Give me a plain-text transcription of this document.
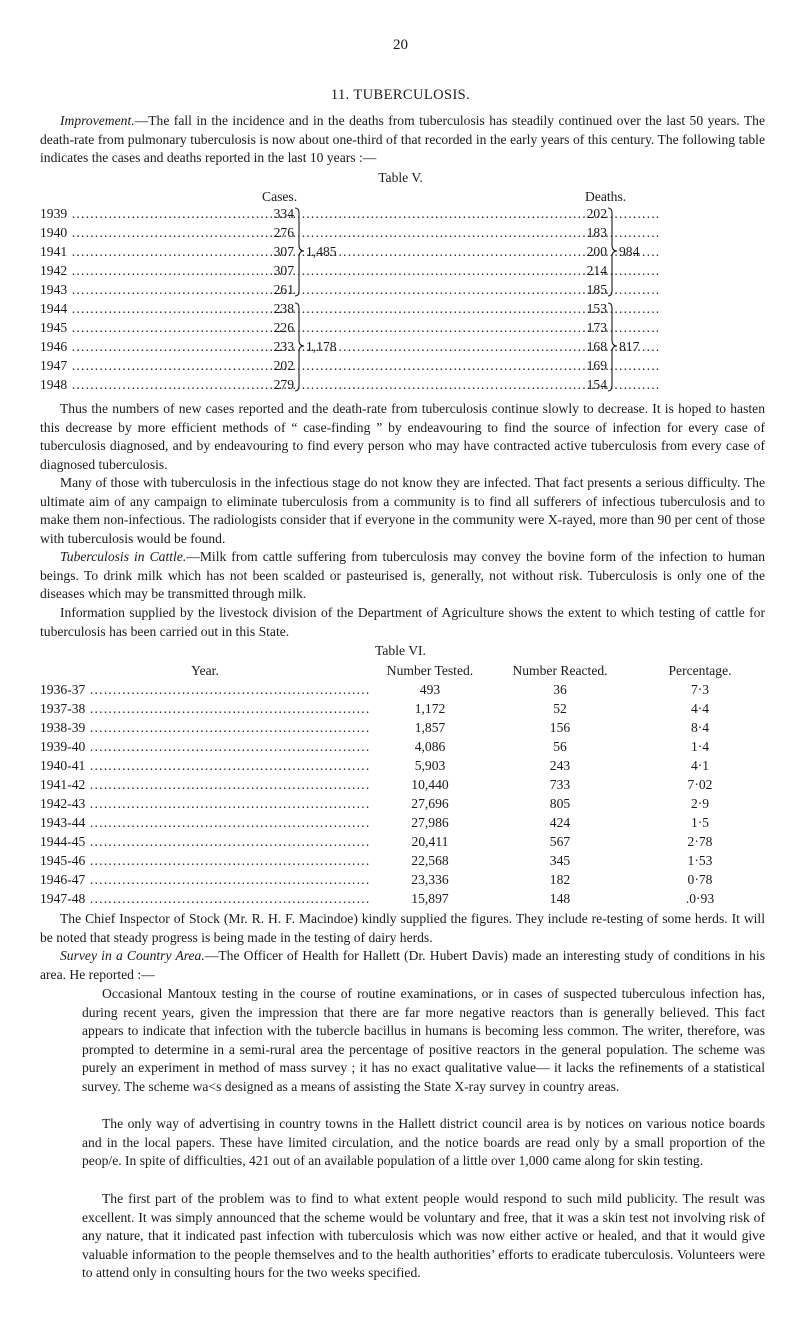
20
11. TUBERCULOSIS.

Improvement.—The fall in the incidence and in the deaths from tuberculosis has steadily continued over the last 50 years. The death-rate from pulmonary tuberculosis is now about one-third of that recorded in the early years of this century. The following table indicates the cases and deaths reported in the last 10 years :—

Table V.
Cases.	Deaths.
1939 .....	334	202
1940 .....	276	183
1941 .....	307	200
1942 .....	307	214
1943 .....	261	185
1,485	984
1944 .....	238	153
1945 .....	226	173
1946 .....	233	168
1947 .....	202	169
1948 .....	279	154
1,178	817

Thus the numbers of new cases reported and the death-rate from tuberculosis continue slowly to decrease. It is hoped to hasten this decrease by more efficient methods of “ case-finding ” by endeavouring to find the source of infection for every case of tuberculosis diagnosed, and by endeavouring to find every person who may have contracted active tuberculosis from every case of diagnosed tuberculosis.

Many of those with tuberculosis in the infectious stage do not know they are infected. That fact presents a serious difficulty. The ultimate aim of any campaign to eliminate tuberculosis from a community is to find all sufferers of infectious tuberculosis and to make them non-infectious. The radiologists consider that if everyone in the community were X-rayed, more than 90 per cent of those with tuberculosis would be found.

Tuberculosis in Cattle.—Milk from cattle suffering from tuberculosis may convey the bovine form of the infection to human beings. To drink milk which has not been scalded or pasteurised is, generally, not without risk. Tuberculosis is only one of the diseases which may be transmitted through milk.

Information supplied by the livestock division of the Department of Agriculture shows the extent to which testing of cattle for tuberculosis has been carried out in this State.

Table VI.
Year.	Number Tested.	Number Reacted.	Percentage.
1936-37 .....	493	36	7·3
1937-38 .....	1,172	52	4·4
1938-39 .....	1,857	156	8·4
1939-40 .....	4,086	56	1·4
1940-41 .....	5,903	243	4·1
1941-42 .....	10,440	733	7·02
1942-43 .....	27,696	805	2·9
1943-44 .....	27,986	424	1·5
1944-45 .....	20,411	567	2·78
1945-46 .....	22,568	345	1·53
1946-47 .....	23,336	182	0·78
1947-48 .....	15,897	148	.0·93

The Chief Inspector of Stock (Mr. R. H. F. Macindoe) kindly supplied the figures. They include re-testing of some herds. It will be noted that steady progress is being made in the testing of dairy herds.

Survey in a Country Area.—The Officer of Health for Hallett (Dr. Hubert Davis) made an interesting study of conditions in his area. He reported :—

Occasional Mantoux testing in the course of routine examinations, or in cases of suspected tuberculous infection has, during recent years, given the impression that there are far more negative reactors than is generally believed. This fact appears to indicate that infection with the tubercle bacillus in humans is becoming less common. The writer, therefore, was prompted to determine in a semi-rural area the percentage of positive reactors in the general population. The scheme was purely an experiment in method of mass survey ; it has no exact qualitative value— it lacks the refinements of a statistical survey. The scheme wa<s designed as a means of assisting the State X-ray survey in country areas.

The only way of advertising in country towns in the Hallett district council area is by notices on various notice boards and in the local papers. These have limited circulation, and the notice boards are read only by a small proportion of the peop/e. In spite of difficulties, 421 out of an available population of a little over 1,000 came along for skin testing.

The first part of the problem was to find to what extent people would respond to such mild publicity. The result was excellent. It was simply announced that the scheme would be voluntary and free, that it was a skin test not involving risk of any nature, that it indicated past infection with tuberculosis which was now either active or healed, and that it would give valuable information to the people themselves and to the health authorities’ efforts to eradicate tuberculosis. Volunteers were to attend only in consulting hours for the two weeks specified.
